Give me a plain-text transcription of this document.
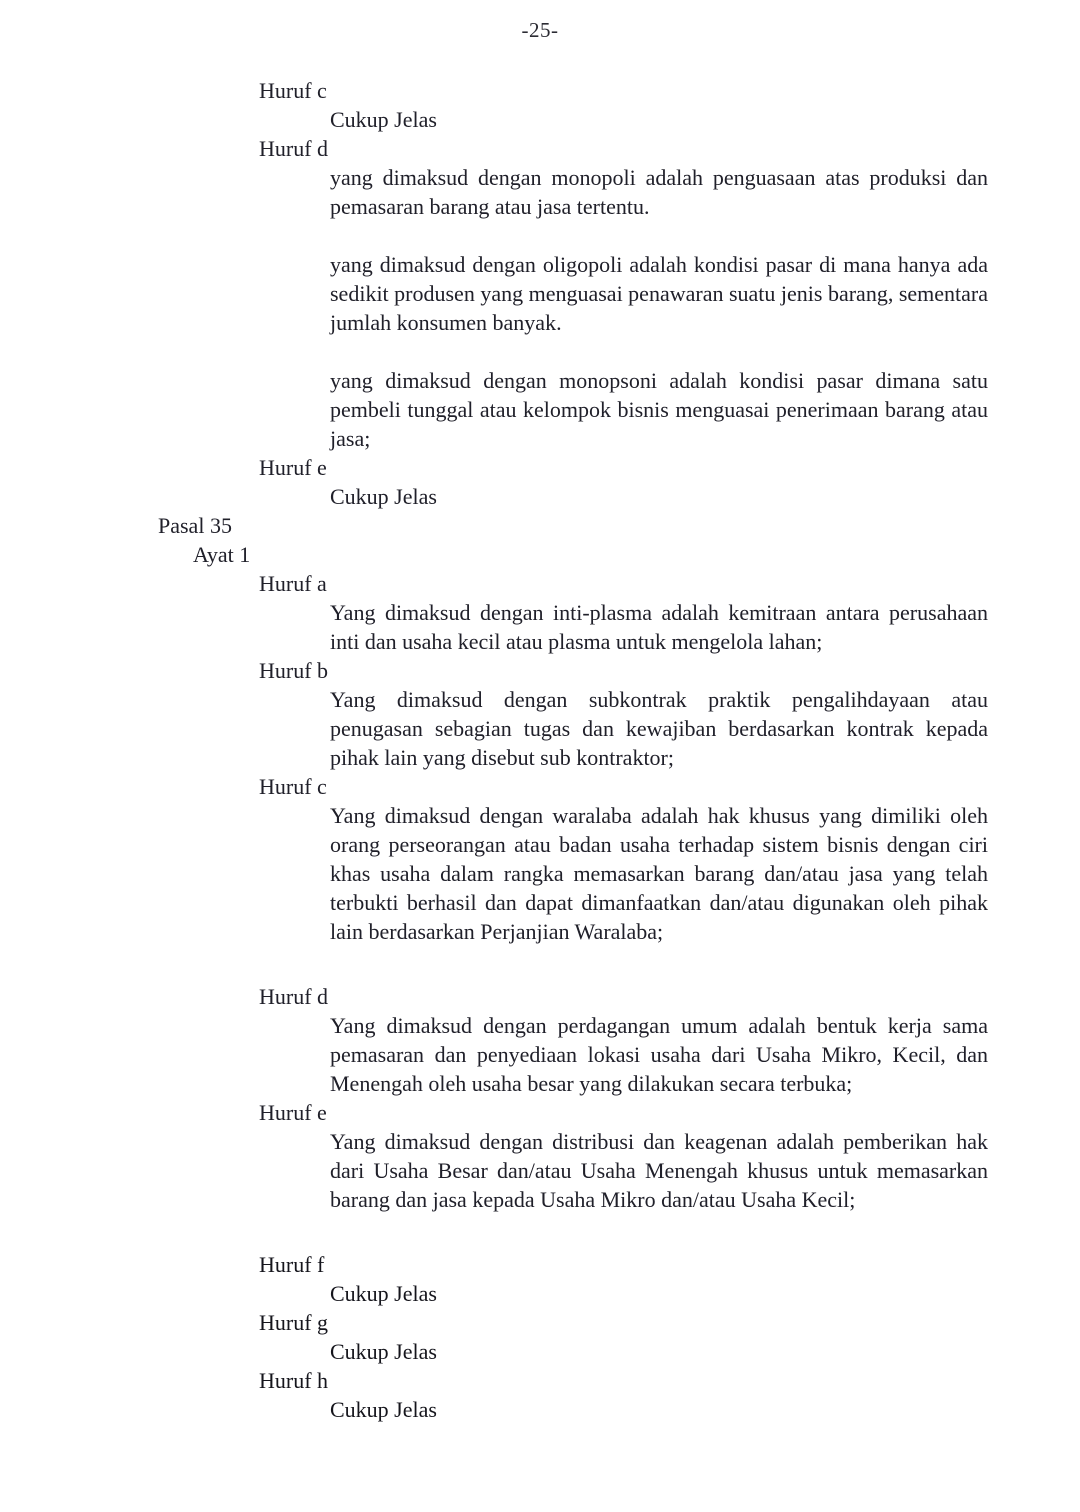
-25-
Huruf c
Cukup Jelas
Huruf d
yang dimaksud dengan monopoli adalah penguasaan atas produksi dan pemasaran barang atau jasa tertentu.
yang dimaksud dengan oligopoli adalah kondisi pasar di mana hanya ada sedikit produsen yang menguasai penawaran suatu jenis barang, sementara jumlah konsumen banyak.
yang dimaksud dengan monopsoni adalah kondisi pasar dimana satu pembeli tunggal atau kelompok bisnis menguasai penerimaan barang atau jasa;
Huruf e
Cukup Jelas
Pasal 35
Ayat 1
Huruf a
Yang dimaksud dengan inti-plasma adalah kemitraan antara perusahaan inti dan usaha kecil atau plasma untuk mengelola lahan;
Huruf b
Yang dimaksud dengan subkontrak praktik pengalihdayaan atau penugasan sebagian tugas dan kewajiban berdasarkan kontrak kepada pihak lain yang disebut sub kontraktor;
Huruf c
Yang dimaksud dengan waralaba adalah hak khusus yang dimiliki oleh orang perseorangan atau badan usaha terhadap sistem bisnis dengan ciri khas usaha dalam rangka memasarkan barang dan/atau jasa yang telah terbukti berhasil dan dapat dimanfaatkan dan/atau digunakan oleh pihak lain berdasarkan Perjanjian Waralaba;
Huruf d
Yang dimaksud dengan perdagangan umum adalah bentuk kerja sama pemasaran dan penyediaan lokasi usaha dari Usaha Mikro, Kecil, dan Menengah oleh usaha besar yang dilakukan secara terbuka;
Huruf e
Yang dimaksud dengan distribusi dan keagenan adalah pemberikan hak dari Usaha Besar dan/atau Usaha Menengah khusus untuk memasarkan barang dan jasa kepada Usaha Mikro dan/atau Usaha Kecil;
Huruf f
Cukup Jelas
Huruf g
Cukup Jelas
Huruf h
Cukup Jelas
